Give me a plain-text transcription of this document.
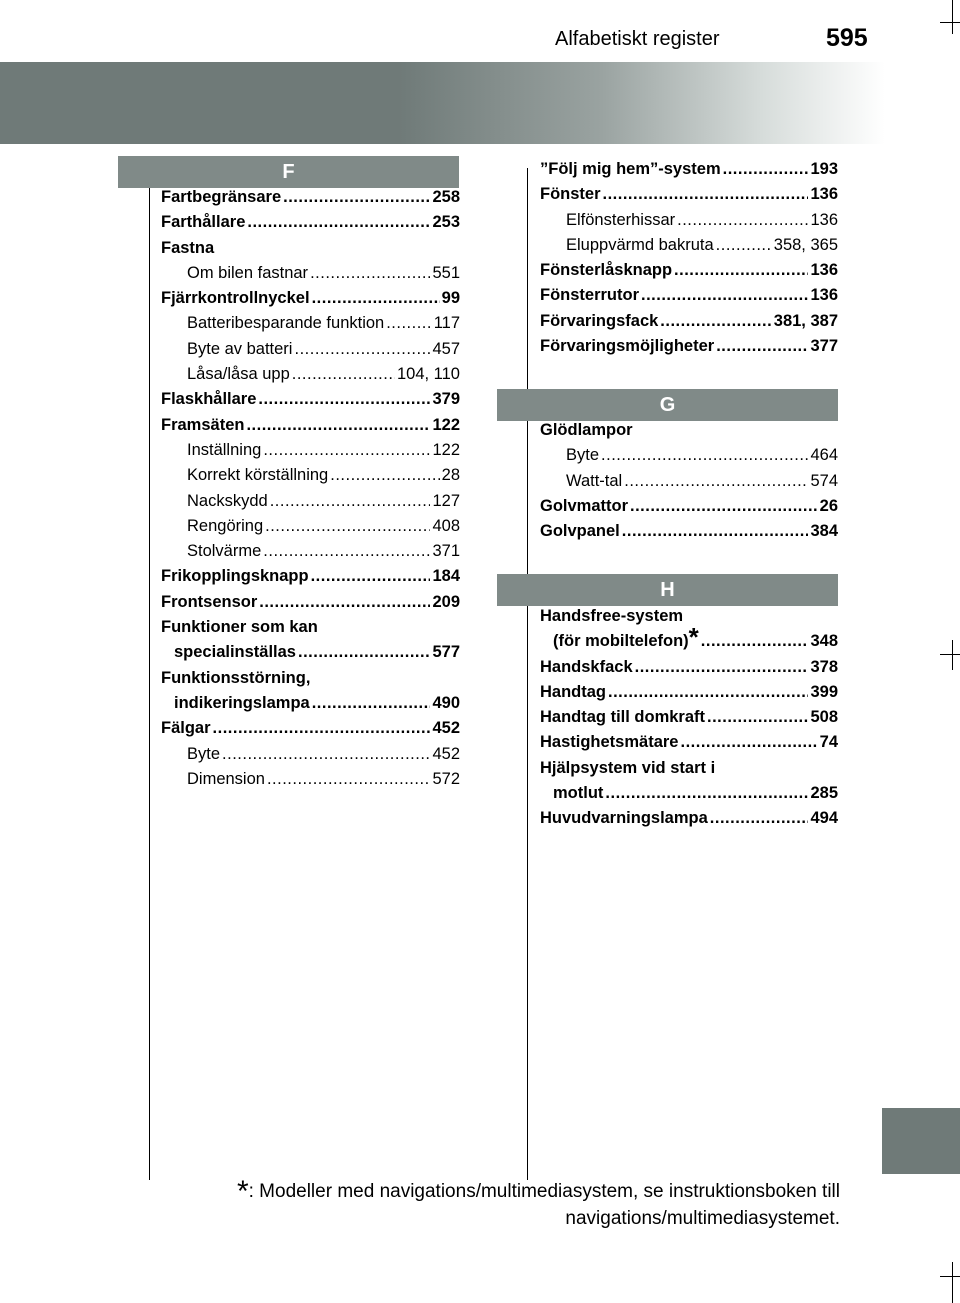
Alfabetiskt register	595
F
G
H
Fartbegränsare .....	258
Farthållare .....	253
Fastna
Om bilen fastnar .....	551
Fjärrkontrollnyckel .....	99
Batteribesparande funktion .....	117
Byte av batteri .....	457
Låsa/låsa upp .....	104, 110
Flaskhållare .....	379
Framsäten .....	122
Inställning .....	122
Korrekt körställning .....	28
Nackskydd .....	127
Rengöring .....	408
Stolvärme .....	371
Frikopplingsknapp .....	184
Frontsensor .....	209
Funktioner som kan
specialinställas .....	577
Funktionsstörning,
indikeringslampa .....	490
Fälgar .....	452
Byte .....	452
Dimension .....	572
”Följ mig hem”-system .....	193
Fönster .....	136
Elfönsterhissar .....	136
Eluppvärmd bakruta .....	358, 365
Fönsterlåsknapp .....	136
Fönsterrutor .....	136
Förvaringsfack .....	381, 387
Förvaringsmöjligheter .....	377
Glödlampor
Byte .....	464
Watt-tal .....	574
Golvmattor .....	26
Golvpanel .....	384
Handsfree-system
(för mobiltelefon) * .....	348
Handskfack .....	378
Handtag .....	399
Handtag till domkraft .....	508
Hastighetsmätare .....	74
Hjälpsystem vid start i
motlut .....	285
Huvudvarningslampa .....	494
*: Modeller med navigations/multimediasystem, se instruktionsboken till
navigations/multimediasystemet.
